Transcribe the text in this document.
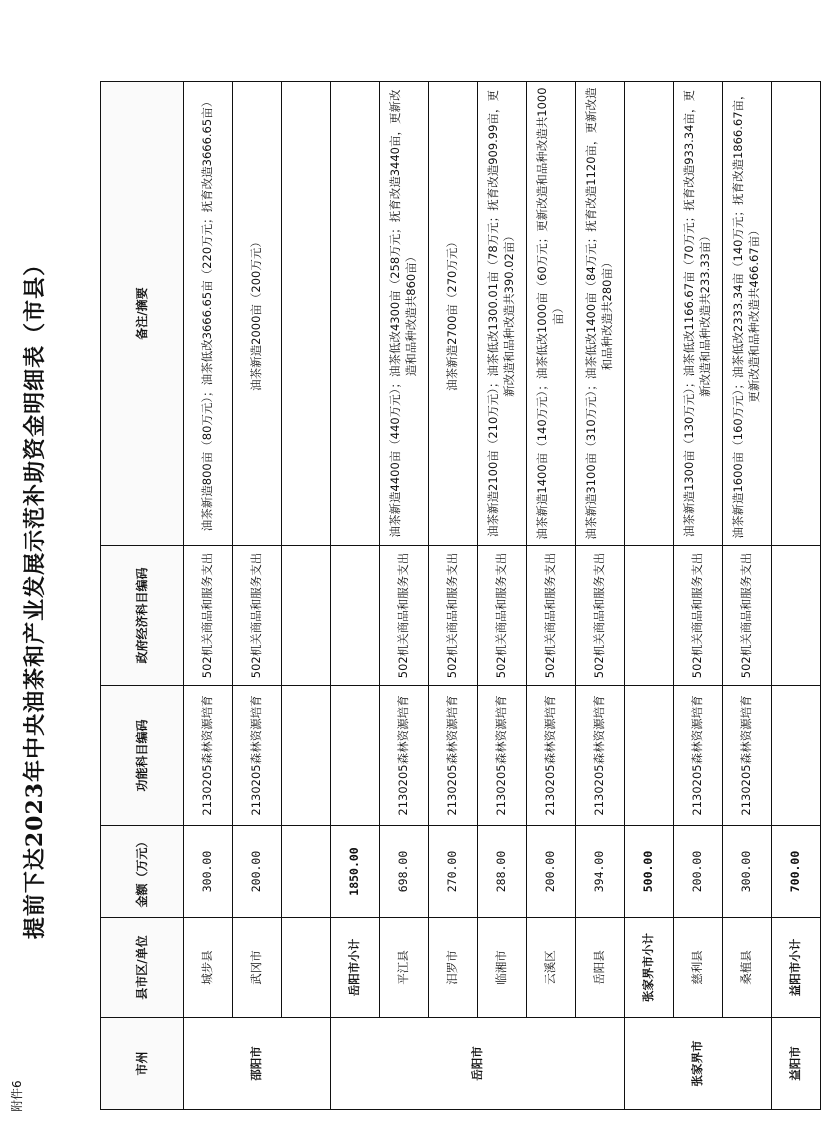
附件6
提前下达2023年中央油茶和产业发展示范补助资金明细表（市县）
市州	县市区/单位	金额（万元）	功能科目编码	政府经济科目编码	备注/摘要
邵阳市	城步县	300.00	2130205森林资源培育	502机关商品和服务支出	油茶新造800亩（80万元）；油茶低改3666.65亩（220万元；抚育改造3666.65亩）
	武冈市	200.00	2130205森林资源培育	502机关商品和服务支出	油茶新造2000亩（200万元）

岳阳市	岳阳市小计	1850.00			
	平江县	698.00	2130205森林资源培育	502机关商品和服务支出	油茶新造4400亩（440万元）；油茶低改4300亩（258万元；抚育改造3440亩，更新改造和品种改造共860亩）
	汨罗市	270.00	2130205森林资源培育	502机关商品和服务支出	油茶新造2700亩（270万元）
	临湘市	288.00	2130205森林资源培育	502机关商品和服务支出	油茶新造2100亩（210万元）；油茶低改1300.01亩（78万元；抚育改造909.99亩，更新改造和品种改造共390.02亩）
	云溪区	200.00	2130205森林资源培育	502机关商品和服务支出	油茶新造1400亩（140万元）；油茶低改1000亩（60万元；更新改造和品种改造共1000亩）
	岳阳县	394.00	2130205森林资源培育	502机关商品和服务支出	油茶新造3100亩（310万元）；油茶低改1400亩（84万元；抚育改造1120亩，更新改造和品种改造共280亩）
张家界市	张家界市小计	500.00			
	慈利县	200.00	2130205森林资源培育	502机关商品和服务支出	油茶新造1300亩（130万元）；油茶低改1166.67亩（70万元；抚育改造933.34亩，更新改造和品种改造共233.33亩）
	桑植县	300.00	2130205森林资源培育	502机关商品和服务支出	油茶新造1600亩（160万元）；油茶低改2333.34亩（140万元；抚育改造1866.67亩，更新改造和品种改造共466.67亩）
益阳市	益阳市小计	700.00			
